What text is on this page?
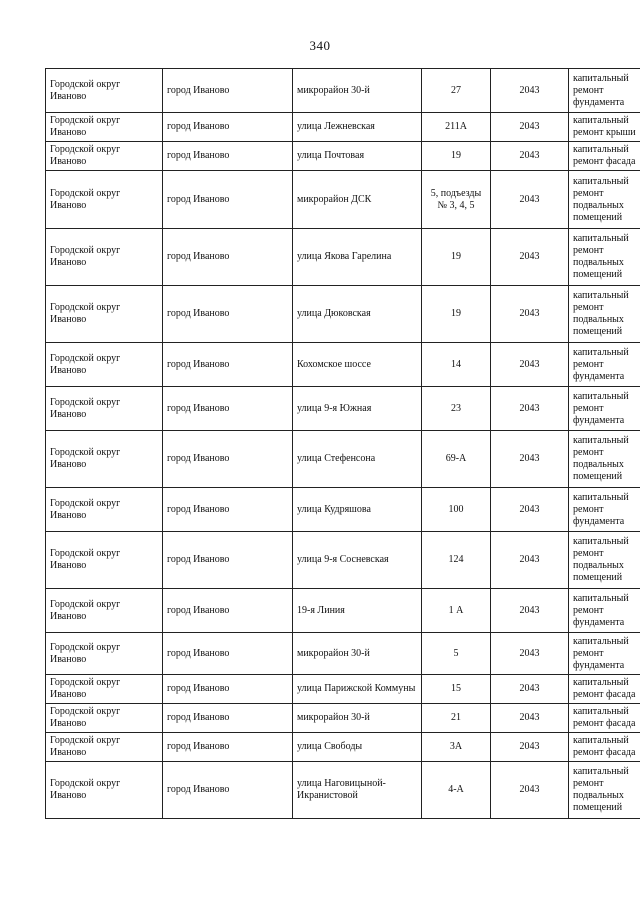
340
Городской округ Иваново	город Иваново	микрорайон 30-й	27	2043	капитальный ремонт фундамента
Городской округ Иваново	город Иваново	улица Лежневская	211А	2043	капитальный ремонт крыши
Городской округ Иваново	город Иваново	улица Почтовая	19	2043	капитальный ремонт фасада
Городской округ Иваново	город Иваново	микрорайон ДСК	5, подъезды № 3, 4, 5	2043	капитальный ремонт подвальных помещений
Городской округ Иваново	город Иваново	улица Якова Гарелина	19	2043	капитальный ремонт подвальных помещений
Городской округ Иваново	город Иваново	улица Дюковская	19	2043	капитальный ремонт подвальных помещений
Городской округ Иваново	город Иваново	Кохомское шоссе	14	2043	капитальный ремонт фундамента
Городской округ Иваново	город Иваново	улица 9-я Южная	23	2043	капитальный ремонт фундамента
Городской округ Иваново	город Иваново	улица Стефенсона	69-А	2043	капитальный ремонт подвальных помещений
Городской округ Иваново	город Иваново	улица Кудряшова	100	2043	капитальный ремонт фундамента
Городской округ Иваново	город Иваново	улица 9-я Сосневская	124	2043	капитальный ремонт подвальных помещений
Городской округ Иваново	город Иваново	19-я Линия	1 А	2043	капитальный ремонт фундамента
Городской округ Иваново	город Иваново	микрорайон 30-й	5	2043	капитальный ремонт фундамента
Городской округ Иваново	город Иваново	улица Парижской Коммуны	15	2043	капитальный ремонт фасада
Городской округ Иваново	город Иваново	микрорайон 30-й	21	2043	капитальный ремонт фасада
Городской округ Иваново	город Иваново	улица Свободы	3А	2043	капитальный ремонт фасада
Городской округ Иваново	город Иваново	улица Наговицыной-Икранистовой	4-А	2043	капитальный ремонт подвальных помещений
